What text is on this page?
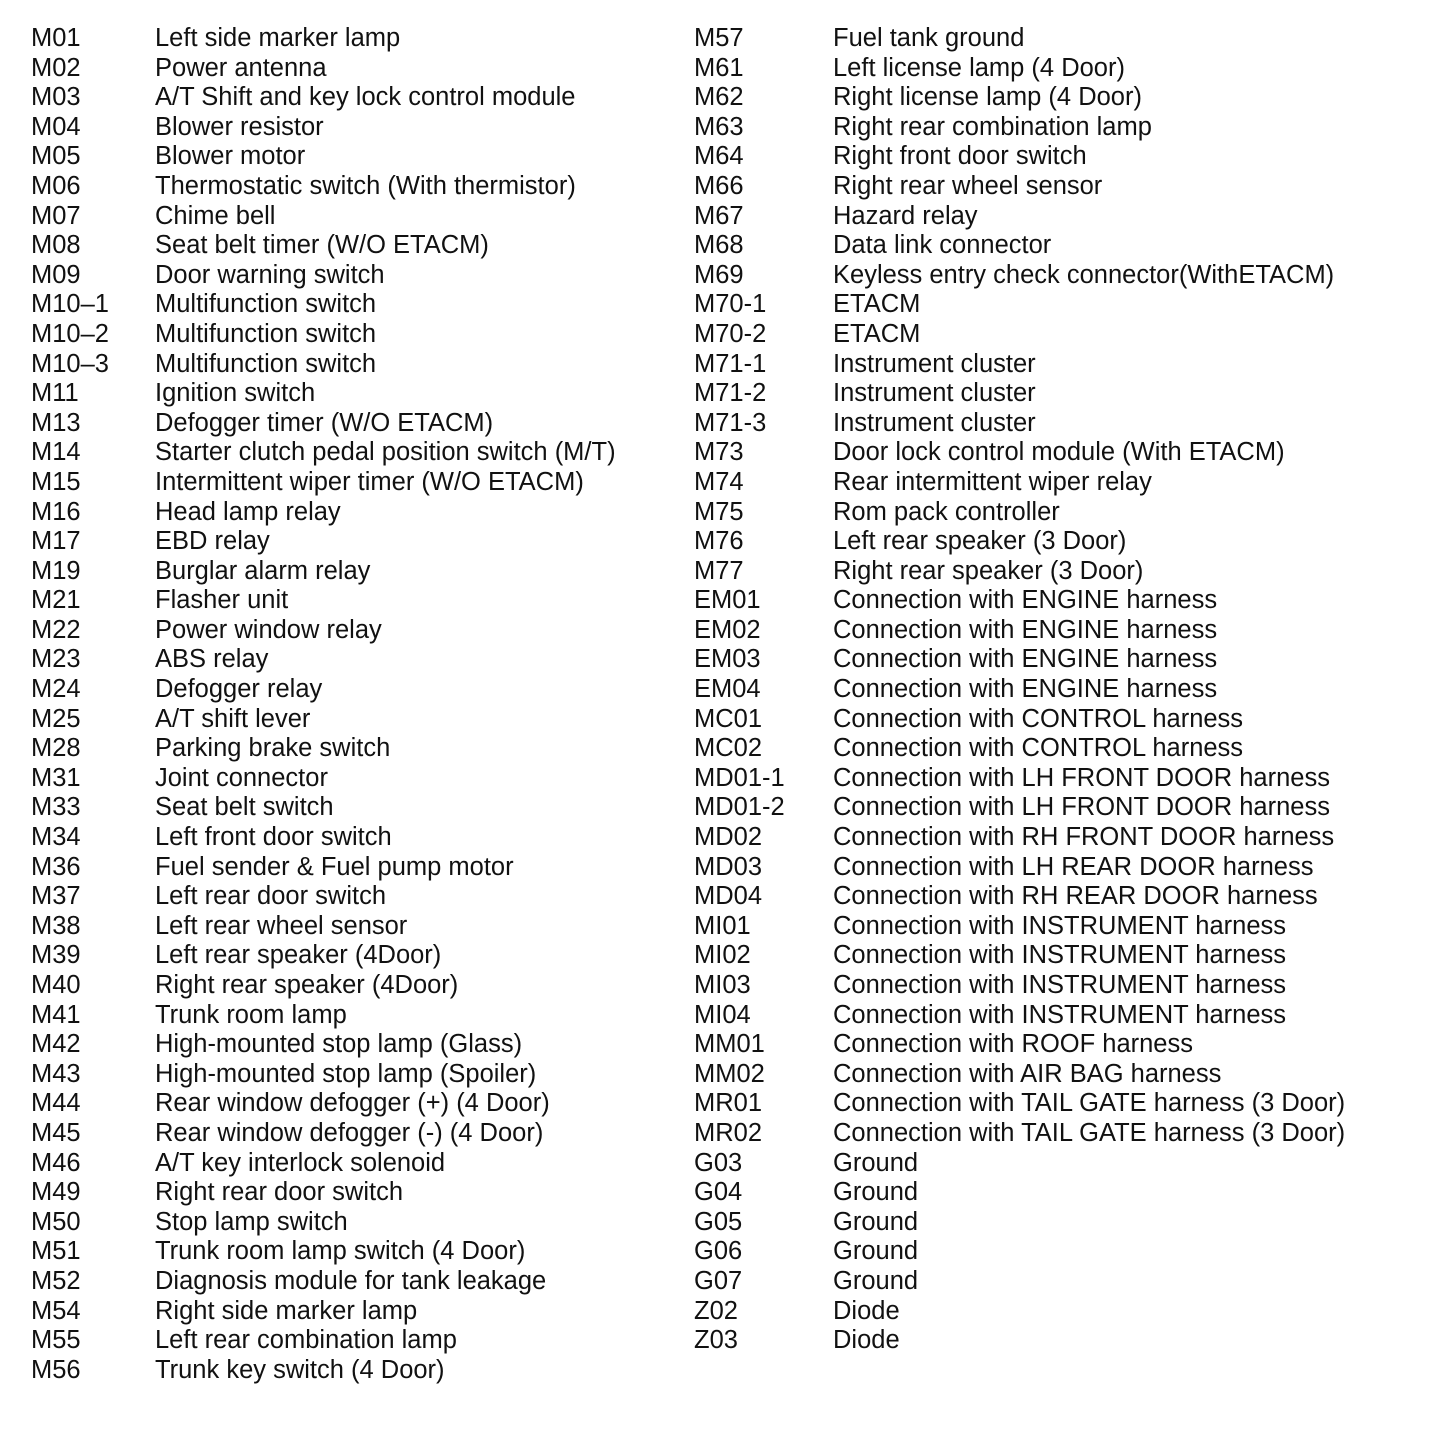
M01	Left side marker lamp
M02	Power antenna
M03	A/T Shift and key lock control module
M04	Blower resistor
M05	Blower motor
M06	Thermostatic switch (With thermistor)
M07	Chime bell
M08	Seat belt timer (W/O ETACM)
M09	Door warning switch
M10–1 Multifunction switch
M10–2 Multifunction switch
M10–3 Multifunction switch
M11	Ignition switch
M13	Defogger timer (W/O ETACM)
M14	Starter clutch pedal position switch (M/T)
M15	Intermittent wiper timer (W/O ETACM)
M16	Head lamp relay
M17	EBD relay
M19	Burglar alarm relay
M21	Flasher unit
M22	Power window relay
M23	ABS relay
M24	Defogger relay
M25	A/T shift lever
M28	Parking brake switch
M31	Joint connector
M33	Seat belt switch
M34	Left front door switch
M36	Fuel sender & Fuel pump motor
M37	Left rear door switch
M38	Left rear wheel sensor
M39	Left rear speaker (4Door)
M40	Right rear speaker (4Door)
M41	Trunk room lamp
M42	High-mounted stop lamp (Glass)
M43	High-mounted stop lamp (Spoiler)
M44	Rear window defogger (+) (4 Door)
M45	Rear window defogger (-) (4 Door)
M46	A/T key interlock solenoid
M49	Right rear door switch
M50	Stop lamp switch
M51	Trunk room lamp switch (4 Door)
M52	Diagnosis module for tank leakage
M54	Right side marker lamp
M55	Left rear combination lamp
M56	Trunk key switch (4 Door)
M57	Fuel tank ground
M61	Left license lamp (4 Door)
M62	Right license lamp (4 Door)
M63	Right rear combination lamp
M64	Right front door switch
M66	Right rear wheel sensor
M67	Hazard relay
M68	Data link connector
M69	Keyless entry check connector(WithETACM)
M70-1	ETACM
M70-2	ETACM
M71-1	Instrument cluster
M71-2	Instrument cluster
M71-3	Instrument cluster
M73	Door lock control module (With ETACM)
M74	Rear intermittent wiper relay
M75	Rom pack controller
M76	Left rear speaker (3 Door)
M77	Right rear speaker (3 Door)
EM01	Connection with ENGINE harness
EM02	Connection with ENGINE harness
EM03	Connection with ENGINE harness
EM04	Connection with ENGINE harness
MC01	Connection with CONTROL harness
MC02	Connection with CONTROL harness
MD01-1 Connection with LH FRONT DOOR harness
MD01-2 Connection with LH FRONT DOOR harness
MD02	Connection with RH FRONT DOOR harness
MD03	Connection with LH REAR DOOR harness
MD04	Connection with RH REAR DOOR harness
MI01	Connection with INSTRUMENT harness
MI02	Connection with INSTRUMENT harness
MI03	Connection with INSTRUMENT harness
MI04	Connection with INSTRUMENT harness
MM01	Connection with ROOF harness
MM02	Connection with AIR BAG harness
MR01	Connection with TAIL GATE harness (3 Door)
MR02	Connection with TAIL GATE harness (3 Door)
G03	Ground
G04	Ground
G05	Ground
G06	Ground
G07	Ground
Z02	Diode
Z03	Diode
